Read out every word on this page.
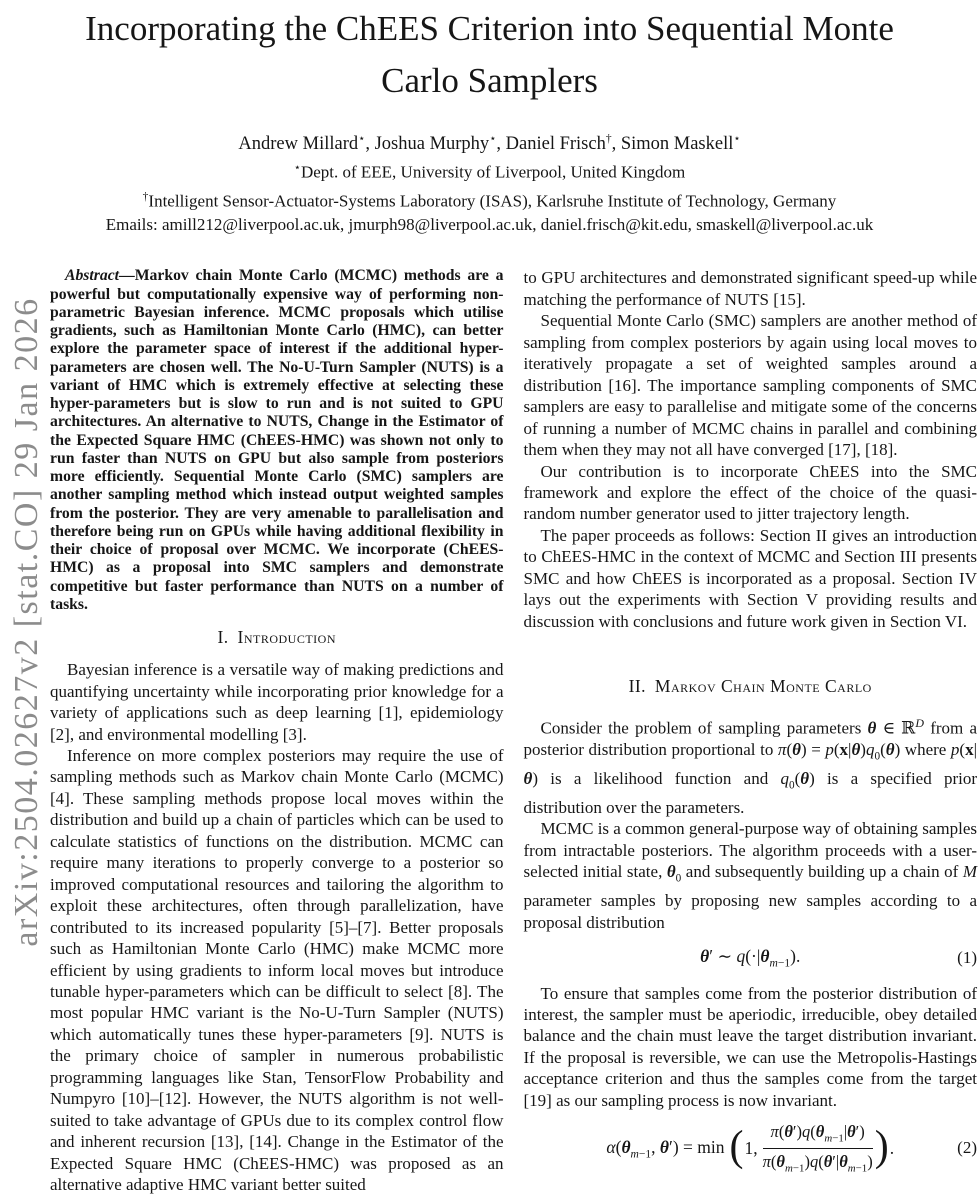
arXiv:2504.02627v2 [stat.CO] 29 Jan 2026
Incorporating the ChEES Criterion into Sequential Monte Carlo Samplers
Andrew Millard⋆, Joshua Murphy⋆, Daniel Frisch†, Simon Maskell⋆
⋆Dept. of EEE, University of Liverpool, United Kingdom
†Intelligent Sensor-Actuator-Systems Laboratory (ISAS), Karlsruhe Institute of Technology, Germany
Emails: amill212@liverpool.ac.uk, jmurph98@liverpool.ac.uk, daniel.frisch@kit.edu, smaskell@liverpool.ac.uk

Abstract—Markov chain Monte Carlo (MCMC) methods are a powerful but computationally expensive way of performing non-parametric Bayesian inference. MCMC proposals which utilise gradients, such as Hamiltonian Monte Carlo (HMC), can better explore the parameter space of interest if the additional hyper-parameters are chosen well. The No-U-Turn Sampler (NUTS) is a variant of HMC which is extremely effective at selecting these hyper-parameters but is slow to run and is not suited to GPU architectures. An alternative to NUTS, Change in the Estimator of the Expected Square HMC (ChEES-HMC) was shown not only to run faster than NUTS on GPU but also sample from posteriors more efficiently. Sequential Monte Carlo (SMC) samplers are another sampling method which instead output weighted samples from the posterior. They are very amenable to parallelisation and therefore being run on GPUs while having additional flexibility in their choice of proposal over MCMC. We incorporate (ChEES-HMC) as a proposal into SMC samplers and demonstrate competitive but faster performance than NUTS on a number of tasks.

I. Introduction

Bayesian inference is a versatile way of making predictions and quantifying uncertainty while incorporating prior knowledge for a variety of applications such as deep learning [1], epidemiology [2], and environmental modelling [3].

Inference on more complex posteriors may require the use of sampling methods such as Markov chain Monte Carlo (MCMC) [4]. These sampling methods propose local moves within the distribution and build up a chain of particles which can be used to calculate statistics of functions on the distribution. MCMC can require many iterations to properly converge to a posterior so improved computational resources and tailoring the algorithm to exploit these architectures, often through parallelization, have contributed to its increased popularity [5]–[7]. Better proposals such as Hamiltonian Monte Carlo (HMC) make MCMC more efficient by using gradients to inform local moves but introduce tunable hyper-parameters which can be difficult to select [8]. The most popular HMC variant is the No-U-Turn Sampler (NUTS) which automatically tunes these hyper-parameters [9]. NUTS is the primary choice of sampler in numerous probabilistic programming languages like Stan, TensorFlow Probability and Numpyro [10]–[12]. However, the NUTS algorithm is not well-suited to take advantage of GPUs due to its complex control flow and inherent recursion [13], [14]. Change in the Estimator of the Expected Square HMC (ChEES-HMC) was proposed as an alternative adaptive HMC variant better suited

to GPU architectures and demonstrated significant speed-up while matching the performance of NUTS [15].

Sequential Monte Carlo (SMC) samplers are another method of sampling from complex posteriors by again using local moves to iteratively propagate a set of weighted samples around a distribution [16]. The importance sampling components of SMC samplers are easy to parallelise and mitigate some of the concerns of running a number of MCMC chains in parallel and combining them when they may not all have converged [17], [18].

Our contribution is to incorporate ChEES into the SMC framework and explore the effect of the choice of the quasi-random number generator used to jitter trajectory length.

The paper proceeds as follows: Section II gives an introduction to ChEES-HMC in the context of MCMC and Section III presents SMC and how ChEES is incorporated as a proposal. Section IV lays out the experiments with Section V providing results and discussion with conclusions and future work given in Section VI.

II. Markov Chain Monte Carlo

Consider the problem of sampling parameters θ ∈ ℝ$^D$ from a posterior distribution proportional to $\pi(\theta) = p(x|\theta)q_0(\theta)$ where p(x|θ) is a likelihood function and $q_0(\theta)$ is a specified prior distribution over the parameters.

MCMC is a common general-purpose way of obtaining samples from intractable posteriors. The algorithm proceeds with a user-selected initial state, $\theta_0$ and subsequently building up a chain of M parameter samples by proposing new samples according to a proposal distribution

θ′ ∼ $q(\cdot|\theta_{m-1})$.	(1)

To ensure that samples come from the posterior distribution of interest, the sampler must be aperiodic, irreducible, obey detailed balance and the chain must leave the target distribution invariant. If the proposal is reversible, we can use the Metropolis-Hastings acceptance criterion and thus the samples come from the target [19] as our sampling process is now invariant.

$\alpha(\theta_{m-1}$, θ′) = min ( 1, $\frac{\pi(\theta')q(\theta_{m-1}|\theta')}{\pi(\theta_{m-1})q(\theta'|\theta_{m-1})}$ ) .	(2)
